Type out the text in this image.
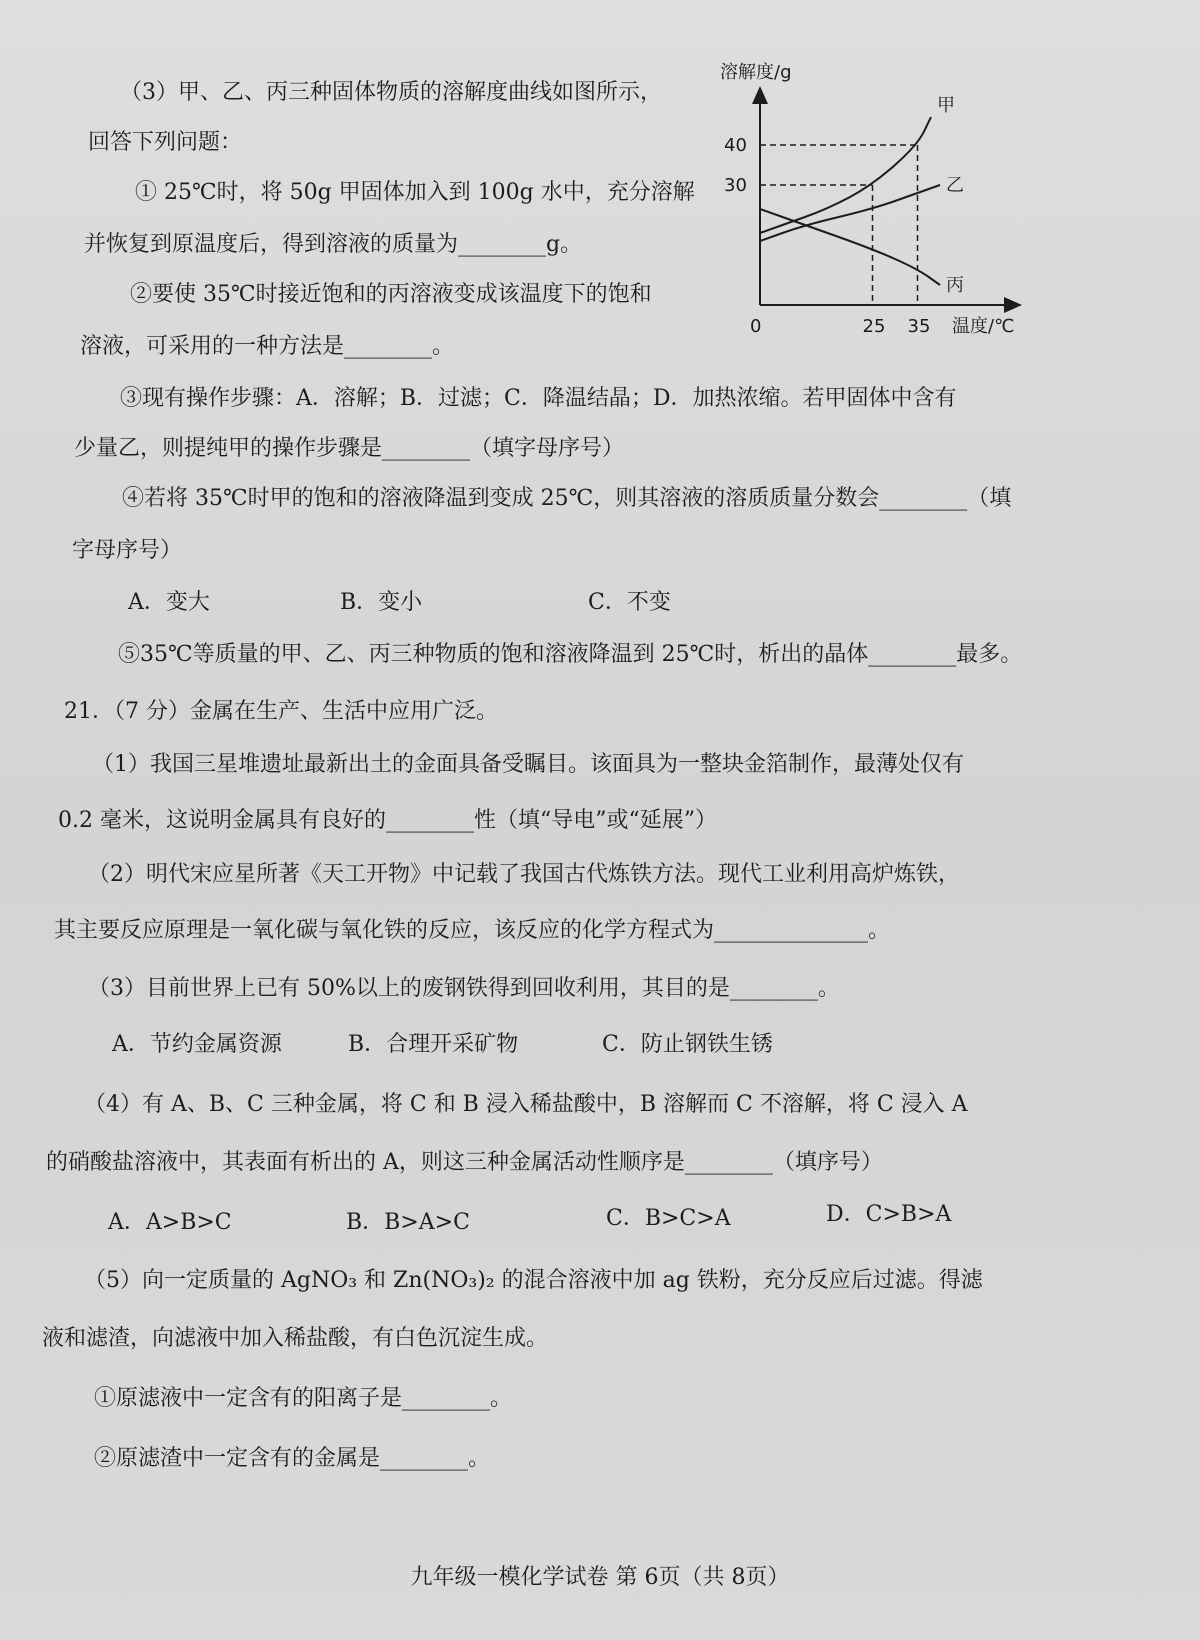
（3）甲、乙、丙三种固体物质的溶解度曲线如图所示，
回答下列问题：
① 25℃时，将 50g 甲固体加入到 100g 水中，充分溶解
并恢复到原温度后，得到溶液的质量为________g。
②要使 35℃时接近饱和的丙溶液变成该温度下的饱和
溶液，可采用的一种方法是________。
甲
乙
丙
溶解度/g
温度/℃
0
30
40
25 35
③现有操作步骤：A．溶解；B．过滤；C．降温结晶；D．加热浓缩。若甲固体中含有
少量乙，则提纯甲的操作步骤是________（填字母序号）
④若将 35℃时甲的饱和的溶液降温到变成 25℃，则其溶液的溶质质量分数会________（填
字母序号）
A．变大	B．变小	C．不变
⑤35℃等质量的甲、乙、丙三种物质的饱和溶液降温到 25℃时，析出的晶体________最多。
21．（7 分）金属在生产、生活中应用广泛。
（1）我国三星堆遗址最新出土的金面具备受瞩目。该面具为一整块金箔制作，最薄处仅有
0.2 毫米，这说明金属具有良好的________性（填“导电”或“延展”）
（2）明代宋应星所著《天工开物》中记载了我国古代炼铁方法。现代工业利用高炉炼铁，
其主要反应原理是一氧化碳与氧化铁的反应，该反应的化学方程式为______________。
（3）目前世界上已有 50%以上的废钢铁得到回收利用，其目的是________。
A．节约金属资源	B．合理开采矿物	C．防止钢铁生锈
（4）有 A、B、C 三种金属，将 C 和 B 浸入稀盐酸中，B 溶解而 C 不溶解，将 C 浸入 A
的硝酸盐溶液中，其表面有析出的 A，则这三种金属活动性顺序是________（填序号）
A．A>B>C	B．B>A>C	C．B>C>A	D．C>B>A
（5）向一定质量的 AgNO₃ 和 Zn(NO₃)₂ 的混合溶液中加 ag 铁粉，充分反应后过滤。得滤
液和滤渣，向滤液中加入稀盐酸，有白色沉淀生成。
①原滤液中一定含有的阳离子是________。
②原滤渣中一定含有的金属是________。
九年级一模化学试卷 第 6页（共 8页）
